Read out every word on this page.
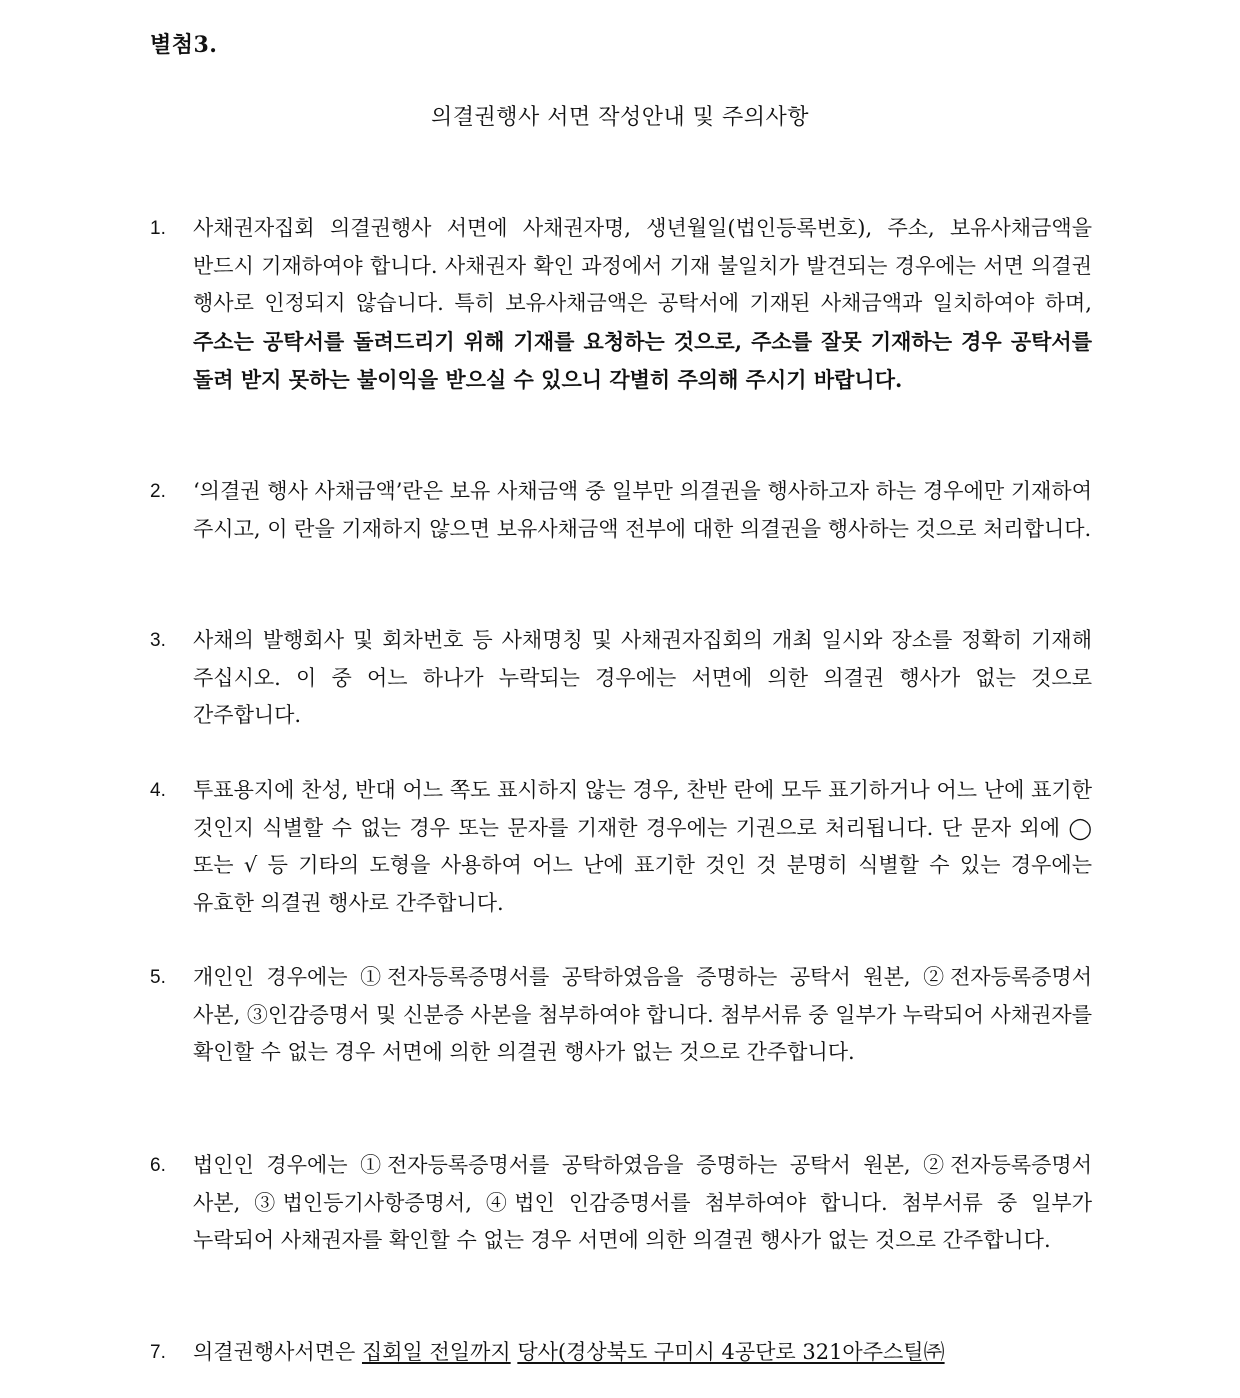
별첨3.
의결권행사 서면 작성안내 및 주의사항
1.	사채권자집회 의결권행사 서면에 사채권자명, 생년월일(법인등록번호), 주소, 보유사채금액을 반드시 기재하여야 합니다. 사채권자 확인 과정에서 기재 불일치가 발견되는 경우에는 서면 의결권 행사로 인정되지 않습니다. 특히 보유사채금액은 공탁서에 기재된 사채금액과 일치하여야 하며, 주소는 공탁서를 돌려드리기 위해 기재를 요청하는 것으로, 주소를 잘못 기재하는 경우 공탁서를 돌려 받지 못하는 불이익을 받으실 수 있으니 각별히 주의해 주시기 바랍니다.
2.	‘의결권 행사 사채금액’란은 보유 사채금액 중 일부만 의결권을 행사하고자 하는 경우에만 기재하여 주시고, 이 란을 기재하지 않으면 보유사채금액 전부에 대한 의결권을 행사하는 것으로 처리합니다.
3.	사채의 발행회사 및 회차번호 등 사채명칭 및 사채권자집회의 개최 일시와 장소를 정확히 기재해 주십시오. 이 중 어느 하나가 누락되는 경우에는 서면에 의한 의결권 행사가 없는 것으로 간주합니다.
4.	투표용지에 찬성, 반대 어느 쪽도 표시하지 않는 경우, 찬반 란에 모두 표기하거나 어느 난에 표기한 것인지 식별할 수 없는 경우 또는 문자를 기재한 경우에는 기권으로 처리됩니다. 단 문자 외에 ◯ 또는 √ 등 기타의 도형을 사용하여 어느 난에 표기한 것인 것 분명히 식별할 수 있는 경우에는 유효한 의결권 행사로 간주합니다.
5.	개인인 경우에는 ①전자등록증명서를 공탁하였음을 증명하는 공탁서 원본, ②전자등록증명서 사본, ③인감증명서 및 신분증 사본을 첨부하여야 합니다. 첨부서류 중 일부가 누락되어 사채권자를 확인할 수 없는 경우 서면에 의한 의결권 행사가 없는 것으로 간주합니다.
6.	법인인 경우에는 ①전자등록증명서를 공탁하였음을 증명하는 공탁서 원본, ②전자등록증명서 사본, ③법인등기사항증명서, ④법인 인감증명서를 첨부하여야 합니다. 첨부서류 중 일부가 누락되어 사채권자를 확인할 수 없는 경우 서면에 의한 의결권 행사가 없는 것으로 간주합니다.
7.	의결권행사서면은 집회일 전일까지 당사(경상북도 구미시 4공단로 321아주스틸㈜
